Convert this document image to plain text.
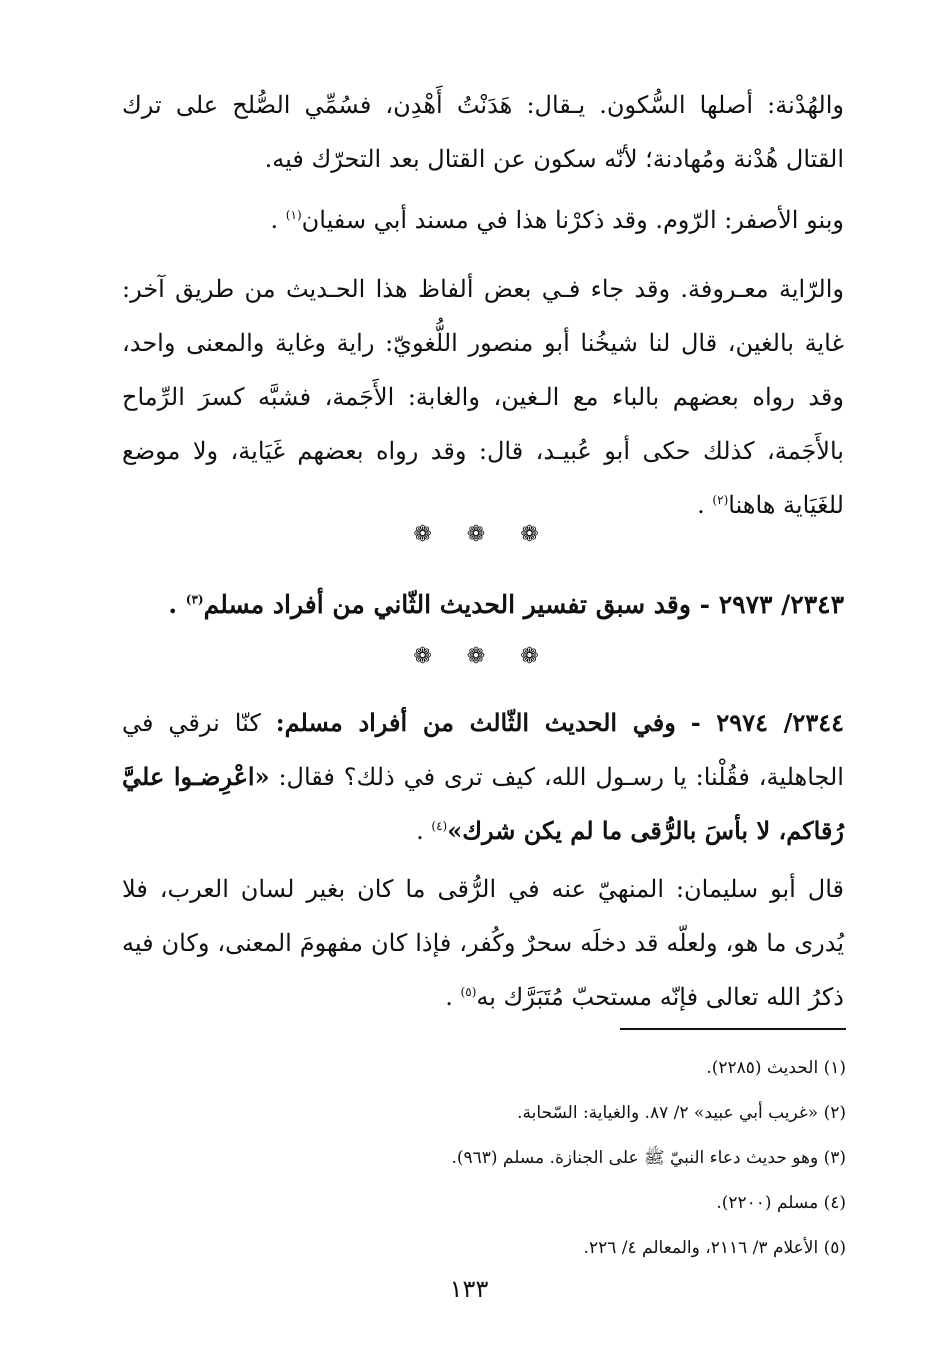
والهُدْنة: أصلها السُّكون. يـقال: هَدَنْتُ أَهْدِن، فسُمِّي الصُّلح على ترك القتال هُدْنة ومُهادنة؛ لأنّه سكون عن القتال بعد التحرّك فيه.

وبنو الأصفر: الرّوم. وقد ذكرْنا هذا في مسند أبي سفيان$^{(١)}$ .

والرّاية معـروفة. وقد جاء فـي بعض ألفاظ هذا الحـديث من طريق آخر: غاية بالغين، قال لنا شيخُنا أبو منصور اللُّغويّ: راية وغاية والمعنى واحد، وقد رواه بعضهم بالباء مع الـغين، والغابة: الأَجَمة، فشبَّه كسرَ الرِّماح بالأَجَمة، كذلك حكى أبو عُبيـد، قال: وقد رواه بعضهم غَيَاية، ولا موضع للغَيَاية هاهنا$^{(٢)}$ .

❁ ❁ ❁

٢٣٤٣/ ٢٩٧٣ - وقد سبق تفسير الحديث الثّاني من أفراد مسلم$^{(٣)}$ .

❁ ❁ ❁

٢٣٤٤/ ٢٩٧٤ - وفي الحديث الثّالث من أفراد مسلم: كنّا نرقي في الجاهلية، فقُلْنا: يا رسـول الله، كيف ترى في ذلك؟ فقال: «اعْرِضـوا عليَّ رُقاكم، لا بأسَ بالرُّقى ما لم يكن شرك»$^{(٤)}$ .

قال أبو سليمان: المنهيّ عنه في الرُّقى ما كان بغير لسان العرب، فلا يُدرى ما هو، ولعلّه قد دخلَه سحرٌ وكُفر، فإذا كان مفهومَ المعنى، وكان فيه ذكرُ الله تعالى فإنّه مستحبّ مُتَبَرَّك به$^{(٥)}$ .

(١) الحديث (٢٢٨٥).

(٢) «غريب أبي عبيد» ٢/ ٨٧. والغياية: السّحابة.

(٣) وهو حديث دعاء النبيّ ﷺ على الجنازة. مسلم (٩٦٣).

(٤) مسلم (٢٢٠٠).

(٥) الأعلام ٣/ ٢١١٦، والمعالم ٤/ ٢٢٦.

١٣٣
